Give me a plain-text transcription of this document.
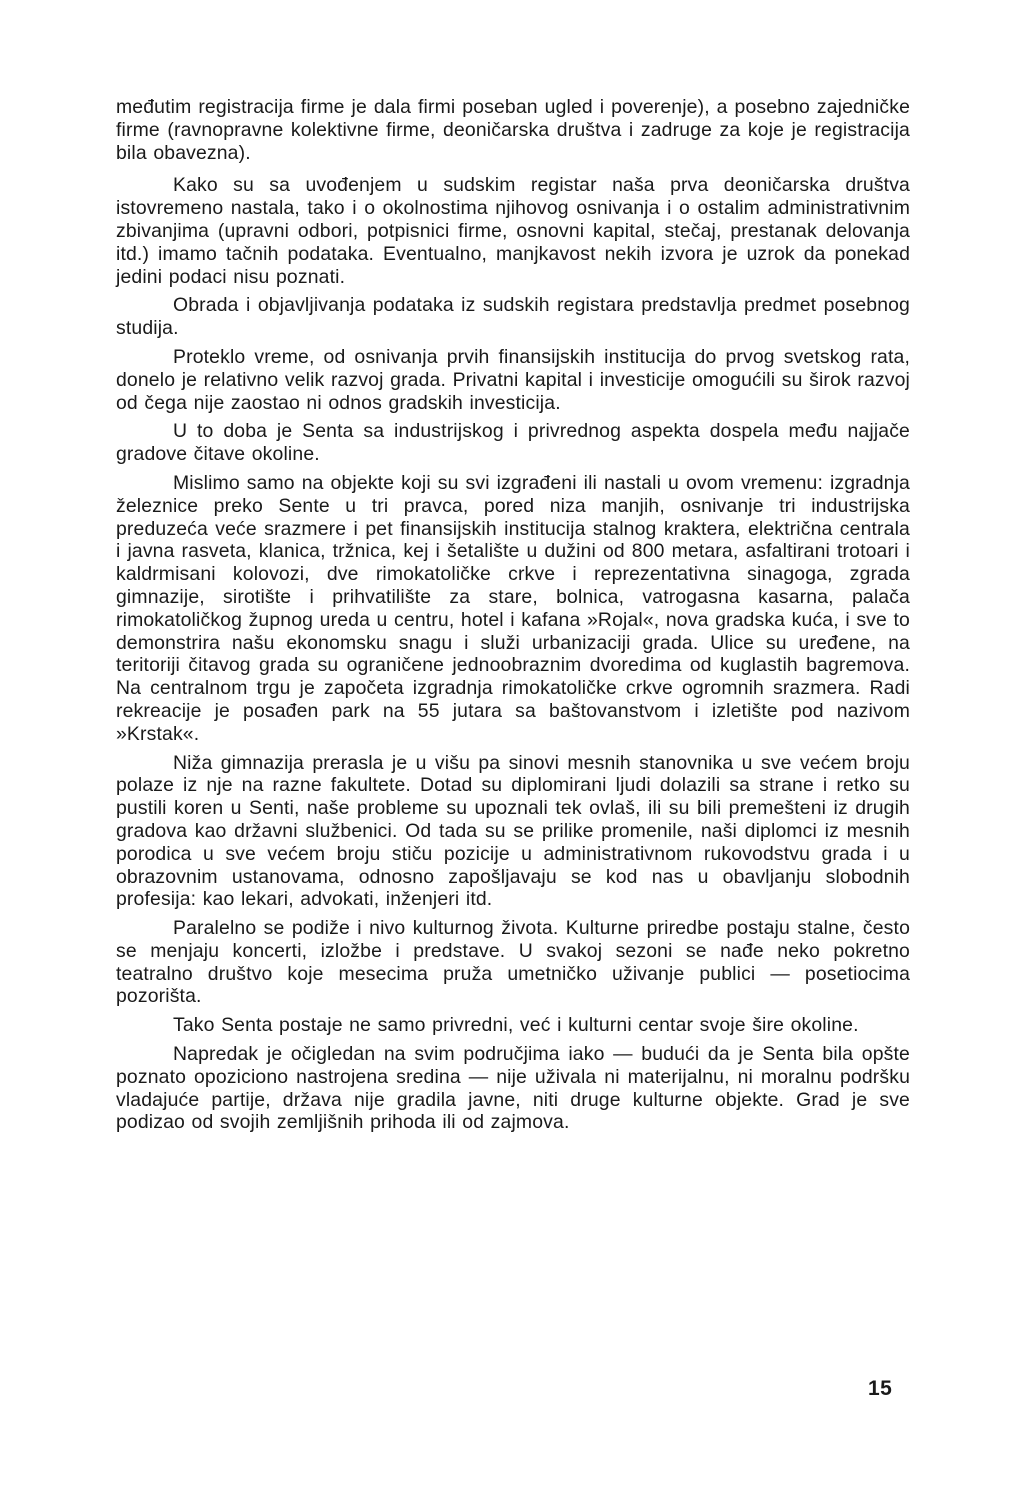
međutim registracija firme je dala firmi poseban ugled i poverenje), a posebno zajedničke firme (ravnopravne kolektivne firme, deoničarska društva i zadruge za koje je registracija bila obavezna).

Kako su sa uvođenjem u sudskim registar naša prva deoničarska društva istovremeno nastala, tako i o okolnostima njihovog osnivanja i o ostalim administrativnim zbivanjima (upravni odbori, potpisnici firme, osnovni kapital, stečaj, prestanak delovanja itd.) imamo tačnih podataka. Eventualno, manjkavost nekih izvora je uzrok da ponekad jedini podaci nisu poznati.

Obrada i objavljivanja podataka iz sudskih registara predstavlja predmet posebnog studija.

Proteklo vreme, od osnivanja prvih finansijskih institucija do prvog svetskog rata, donelo je relativno velik razvoj grada. Privatni kapital i investicije omogućili su širok razvoj od čega nije zaostao ni odnos gradskih investicija.

U to doba je Senta sa industrijskog i privrednog aspekta dospela među najjače gradove čitave okoline.

Mislimo samo na objekte koji su svi izgrađeni ili nastali u ovom vremenu: izgradnja železnice preko Sente u tri pravca, pored niza manjih, osnivanje tri industrijska preduzeća veće srazmere i pet finansijskih institucija stalnog kraktera, električna centrala i javna rasveta, klanica, tržnica, kej i šetalište u dužini od 800 metara, asfaltirani trotoari i kaldrmisani kolovozi, dve rimokatoličke crkve i reprezentativna sinagoga, zgrada gimnazije, sirotište i prihvatilište za stare, bolnica, vatrogasna kasarna, palača rimokatoličkog župnog ureda u centru, hotel i kafana »Rojal«, nova gradska kuća, i sve to demonstrira našu ekonomsku snagu i služi urbanizaciji grada. Ulice su uređene, na teritoriji čitavog grada su ograničene jednoobraznim dvoredima od kuglastih bagremova. Na centralnom trgu je započeta izgradnja rimokatoličke crkve ogromnih srazmera. Radi rekreacije je posađen park na 55 jutara sa baštovanstvom i izletište pod nazivom »Krstak«.

Niža gimnazija prerasla je u višu pa sinovi mesnih stanovnika u sve većem broju polaze iz nje na razne fakultete. Dotad su diplomirani ljudi dolazili sa strane i retko su pustili koren u Senti, naše probleme su upoznali tek ovlaš, ili su bili premešteni iz drugih gradova kao državni službenici. Od tada su se prilike promenile, naši diplomci iz mesnih porodica u sve većem broju stiču pozicije u administrativnom rukovodstvu grada i u obrazovnim ustanovama, odnosno zapošljavaju se kod nas u obavljanju slobodnih profesija: kao lekari, advokati, inženjeri itd.

Paralelno se podiže i nivo kulturnog života. Kulturne priredbe postaju stalne, često se menjaju koncerti, izložbe i predstave. U svakoj sezoni se nađe neko pokretno teatralno društvo koje mesecima pruža umetničko uživanje publici — posetiocima pozorišta.

Tako Senta postaje ne samo privredni, već i kulturni centar svoje šire okoline.

Napredak je očigledan na svim područjima iako — budući da je Senta bila opšte poznato opoziciono nastrojena sredina — nije uživala ni materijalnu, ni moralnu podršku vladajuće partije, država nije gradila javne, niti druge kulturne objekte. Grad je sve podizao od svojih zemljišnih prihoda ili od zajmova.

15
